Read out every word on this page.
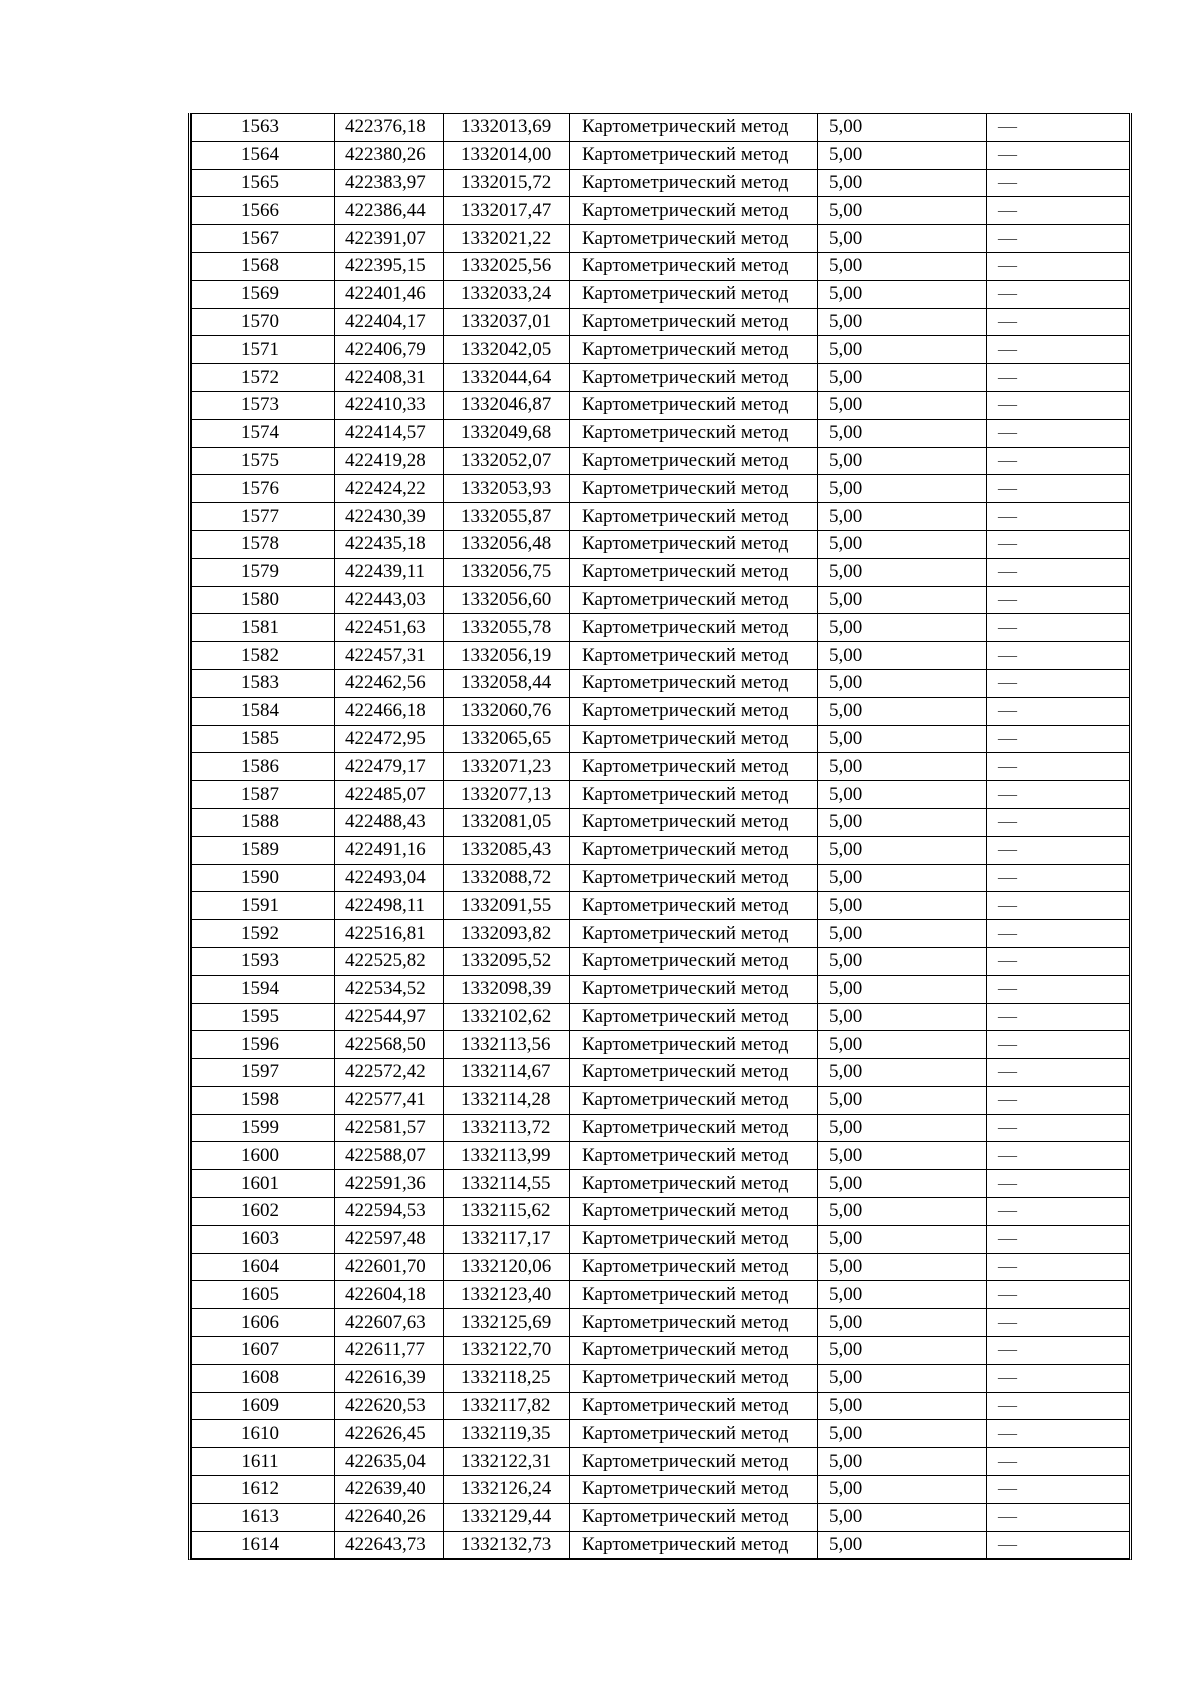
1563	422376,18	1332013,69	Картометрический метод	5,00	—
1564	422380,26	1332014,00	Картометрический метод	5,00	—
1565	422383,97	1332015,72	Картометрический метод	5,00	—
1566	422386,44	1332017,47	Картометрический метод	5,00	—
1567	422391,07	1332021,22	Картометрический метод	5,00	—
1568	422395,15	1332025,56	Картометрический метод	5,00	—
1569	422401,46	1332033,24	Картометрический метод	5,00	—
1570	422404,17	1332037,01	Картометрический метод	5,00	—
1571	422406,79	1332042,05	Картометрический метод	5,00	—
1572	422408,31	1332044,64	Картометрический метод	5,00	—
1573	422410,33	1332046,87	Картометрический метод	5,00	—
1574	422414,57	1332049,68	Картометрический метод	5,00	—
1575	422419,28	1332052,07	Картометрический метод	5,00	—
1576	422424,22	1332053,93	Картометрический метод	5,00	—
1577	422430,39	1332055,87	Картометрический метод	5,00	—
1578	422435,18	1332056,48	Картометрический метод	5,00	—
1579	422439,11	1332056,75	Картометрический метод	5,00	—
1580	422443,03	1332056,60	Картометрический метод	5,00	—
1581	422451,63	1332055,78	Картометрический метод	5,00	—
1582	422457,31	1332056,19	Картометрический метод	5,00	—
1583	422462,56	1332058,44	Картометрический метод	5,00	—
1584	422466,18	1332060,76	Картометрический метод	5,00	—
1585	422472,95	1332065,65	Картометрический метод	5,00	—
1586	422479,17	1332071,23	Картометрический метод	5,00	—
1587	422485,07	1332077,13	Картометрический метод	5,00	—
1588	422488,43	1332081,05	Картометрический метод	5,00	—
1589	422491,16	1332085,43	Картометрический метод	5,00	—
1590	422493,04	1332088,72	Картометрический метод	5,00	—
1591	422498,11	1332091,55	Картометрический метод	5,00	—
1592	422516,81	1332093,82	Картометрический метод	5,00	—
1593	422525,82	1332095,52	Картометрический метод	5,00	—
1594	422534,52	1332098,39	Картометрический метод	5,00	—
1595	422544,97	1332102,62	Картометрический метод	5,00	—
1596	422568,50	1332113,56	Картометрический метод	5,00	—
1597	422572,42	1332114,67	Картометрический метод	5,00	—
1598	422577,41	1332114,28	Картометрический метод	5,00	—
1599	422581,57	1332113,72	Картометрический метод	5,00	—
1600	422588,07	1332113,99	Картометрический метод	5,00	—
1601	422591,36	1332114,55	Картометрический метод	5,00	—
1602	422594,53	1332115,62	Картометрический метод	5,00	—
1603	422597,48	1332117,17	Картометрический метод	5,00	—
1604	422601,70	1332120,06	Картометрический метод	5,00	—
1605	422604,18	1332123,40	Картометрический метод	5,00	—
1606	422607,63	1332125,69	Картометрический метод	5,00	—
1607	422611,77	1332122,70	Картометрический метод	5,00	—
1608	422616,39	1332118,25	Картометрический метод	5,00	—
1609	422620,53	1332117,82	Картометрический метод	5,00	—
1610	422626,45	1332119,35	Картометрический метод	5,00	—
1611	422635,04	1332122,31	Картометрический метод	5,00	—
1612	422639,40	1332126,24	Картометрический метод	5,00	—
1613	422640,26	1332129,44	Картометрический метод	5,00	—
1614	422643,73	1332132,73	Картометрический метод	5,00	—
